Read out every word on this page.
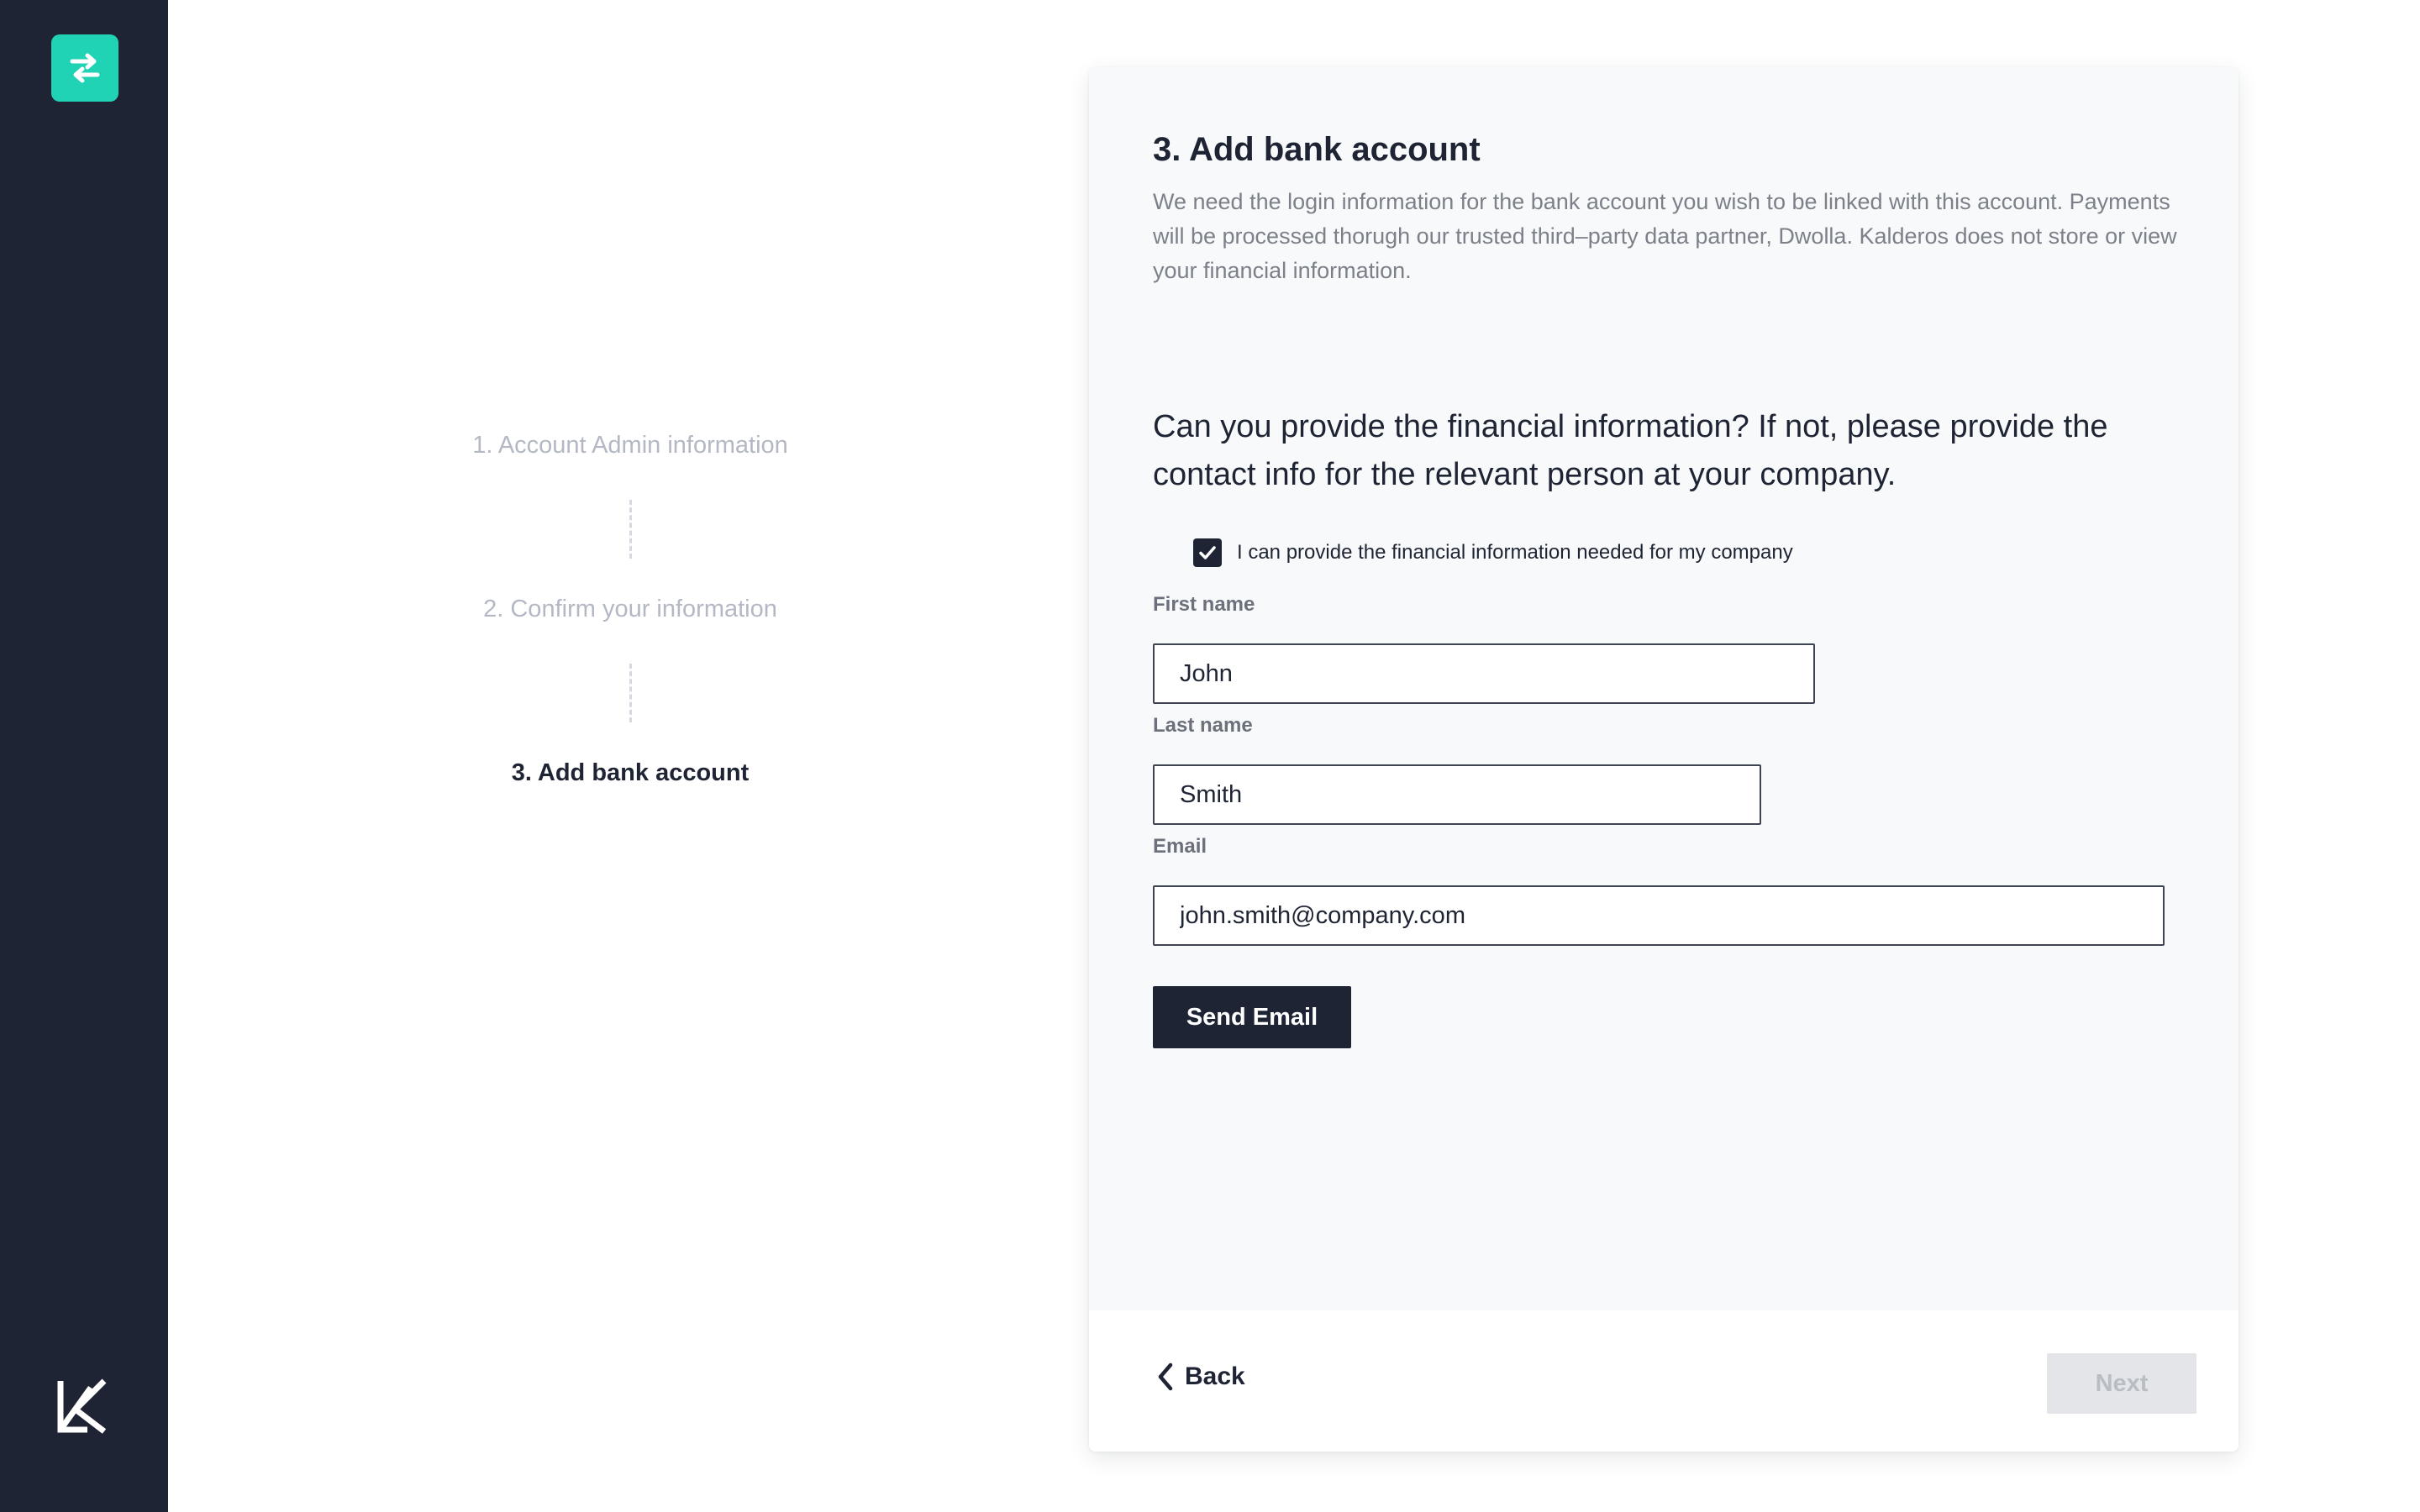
1. Account Admin information
2. Confirm your information
3. Add bank account
3. Add bank account

We need the login information for the bank account you wish to be linked with this account. Payments will be processed thorugh our trusted third–party data partner, Dwolla. Kalderos does not store or view your financial information.

Can you provide the financial information? If not, please provide the contact info for the relevant person at your company.

I can provide the financial information needed for my company
First name
John
Last name
Smith
Email
john.smith@company.com
Send Email
Back	Next
